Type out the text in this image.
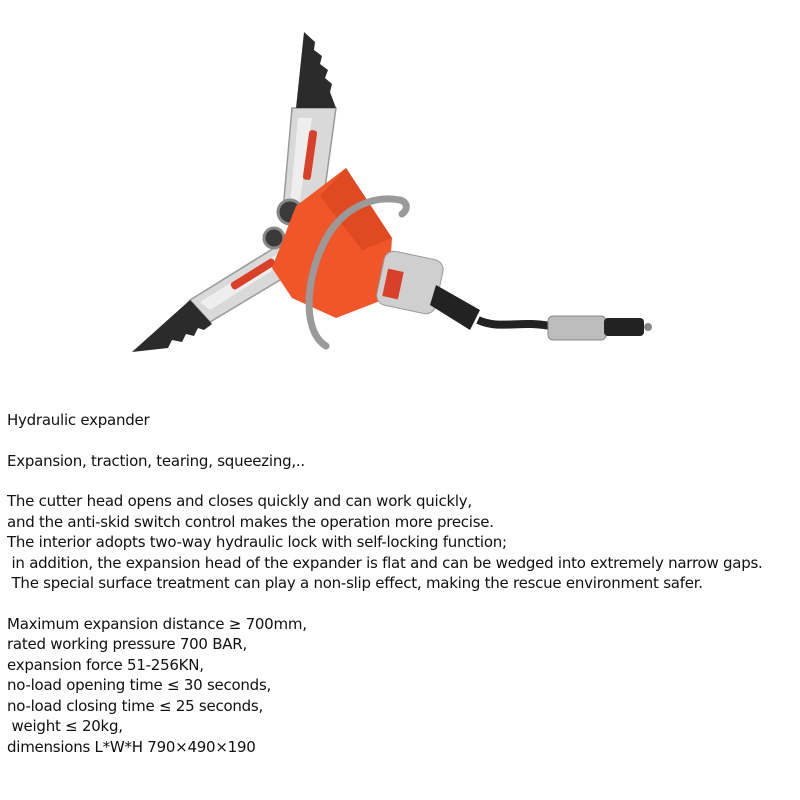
Hydraulic expander
Expansion, traction, tearing, squeezing,..
The cutter head opens and closes quickly and can work quickly,
and the anti-skid switch control makes the operation more precise.
The interior adopts two-way hydraulic lock with self-locking function;
in addition, the expansion head of the expander is flat and can be wedged into extremely narrow gaps.
The special surface treatment can play a non-slip effect, making the rescue environment safer.
Maximum expansion distance ≥ 700mm,
rated working pressure 700 BAR,
expansion force 51-256KN,
no-load opening time ≤ 30 seconds,
no-load closing time ≤ 25 seconds,
weight ≤ 20kg,
dimensions L*W*H 790×490×190
